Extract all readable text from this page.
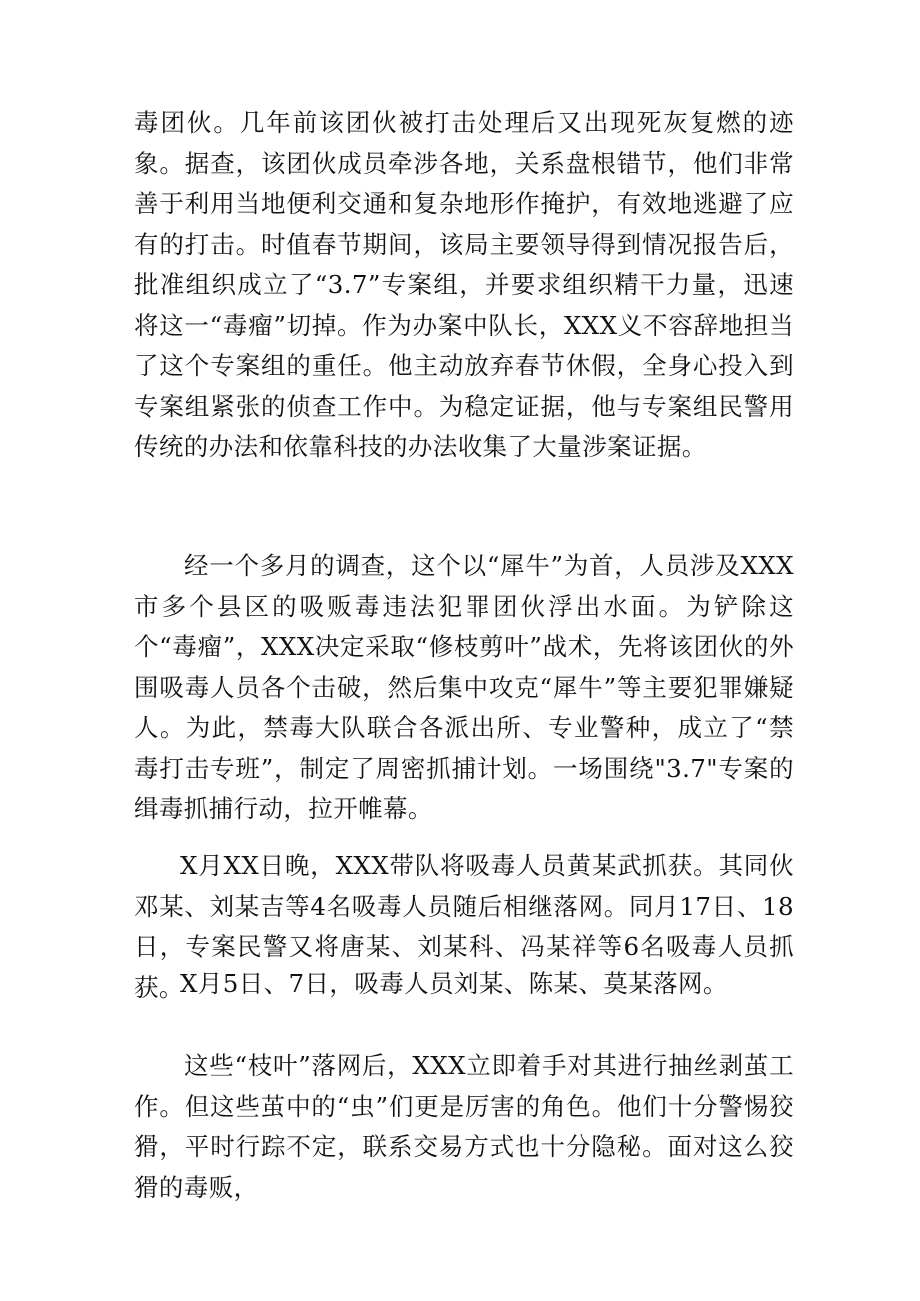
毒团伙。几年前该团伙被打击处理后又出现死灰复燃的迹象。据查，该团伙成员牵涉各地，关系盘根错节，他们非常善于利用当地便利交通和复杂地形作掩护，有效地逃避了应有的打击。时值春节期间，该局主要领导得到情况报告后，批准组织成立了“3.7”专案组，并要求组织精干力量，迅速将这一“毒瘤”切掉。作为办案中队长，XXX义不容辞地担当了这个专案组的重任。他主动放弃春节休假，全身心投入到专案组紧张的侦查工作中。为稳定证据，他与专案组民警用传统的办法和依靠科技的办法收集了大量涉案证据。

经一个多月的调查，这个以“犀牛”为首，人员涉及XXX市多个县区的吸贩毒违法犯罪团伙浮出水面。为铲除这个“毒瘤”，XXX决定采取“修枝剪叶”战术，先将该团伙的外围吸毒人员各个击破，然后集中攻克“犀牛”等主要犯罪嫌疑人。为此，禁毒大队联合各派出所、专业警种，成立了“禁毒打击专班”，制定了周密抓捕计划。一场围绕"3.7"专案的缉毒抓捕行动，拉开帷幕。

X月XX日晚，XXX带队将吸毒人员黄某武抓获。其同伙邓某、刘某吉等4名吸毒人员随后相继落网。同月17日、18日，专案民警又将唐某、刘某科、冯某祥等6名吸毒人员抓获。

X月5日、7日，吸毒人员刘某、陈某、莫某落网。

这些“枝叶”落网后，XXX立即着手对其进行抽丝剥茧工作。但这些茧中的“虫”们更是厉害的角色。他们十分警惕狡猾，平时行踪不定，联系交易方式也十分隐秘。面对这么狡猾的毒贩，
